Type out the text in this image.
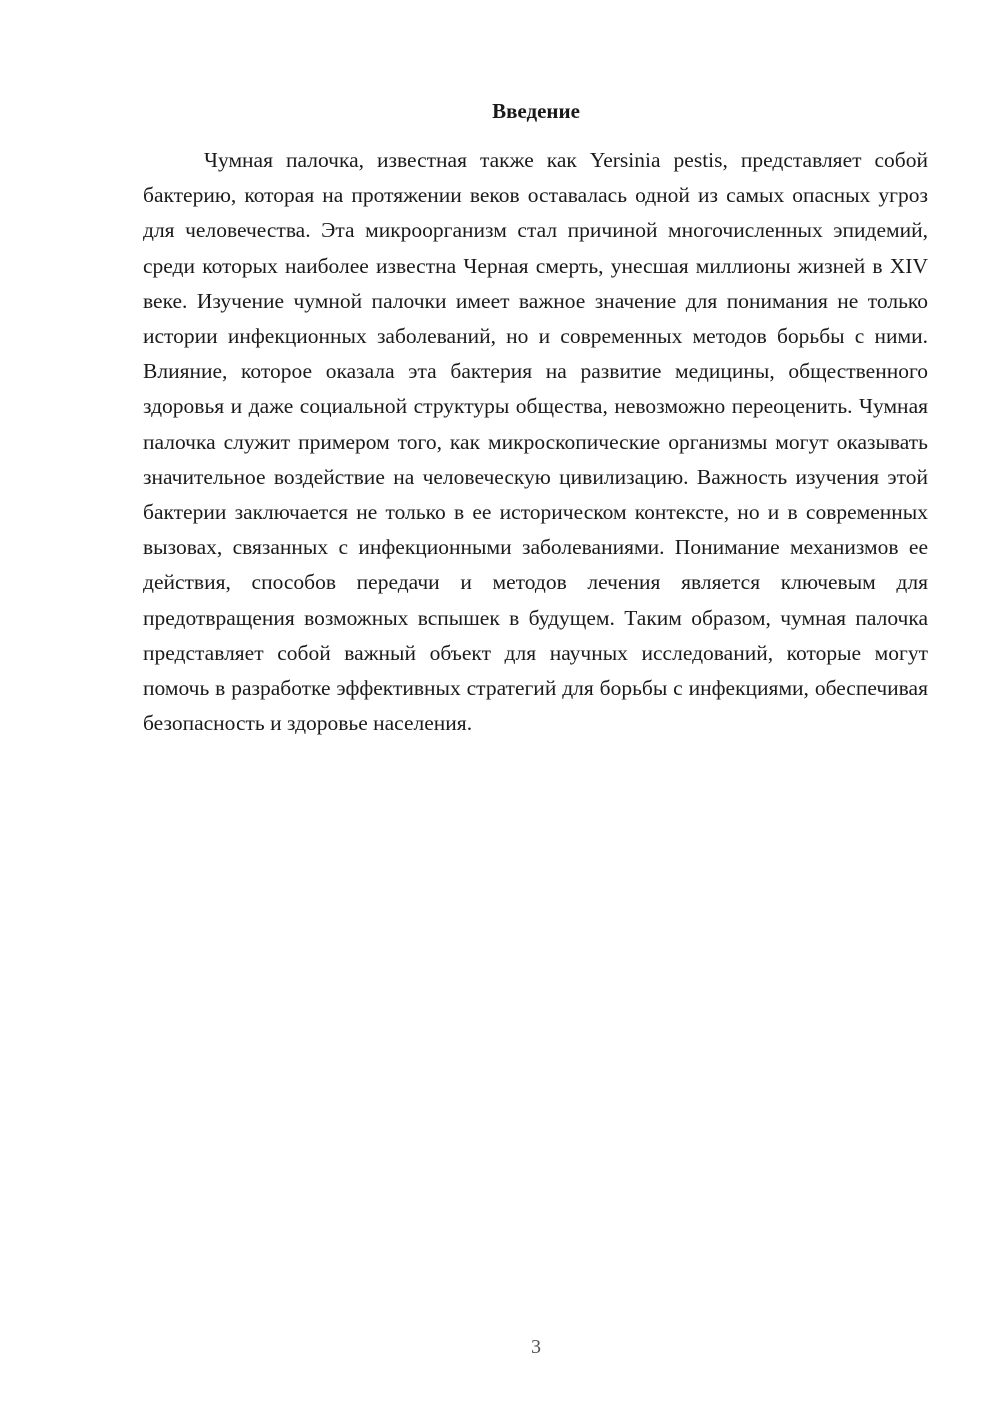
Введение

Чумная палочка, известная также как Yersinia pestis, представляет собой бактерию, которая на протяжении веков оставалась одной из самых опасных угроз для человечества. Эта микроорганизм стал причиной многочисленных эпидемий, среди которых наиболее известна Черная смерть, унесшая миллионы жизней в XIV веке. Изучение чумной палочки имеет важное значение для понимания не только истории инфекционных заболеваний, но и современных методов борьбы с ними. Влияние, которое оказала эта бактерия на развитие медицины, общественного здоровья и даже социальной структуры общества, невозможно переоценить. Чумная палочка служит примером того, как микроскопические организмы могут оказывать значительное воздействие на человеческую цивилизацию. Важность изучения этой бактерии заключается не только в ее историческом контексте, но и в современных вызовах, связанных с инфекционными заболеваниями. Понимание механизмов ее действия, способов передачи и методов лечения является ключевым для предотвращения возможных вспышек в будущем. Таким образом, чумная палочка представляет собой важный объект для научных исследований, которые могут помочь в разработке эффективных стратегий для борьбы с инфекциями, обеспечивая безопасность и здоровье населения.

3
